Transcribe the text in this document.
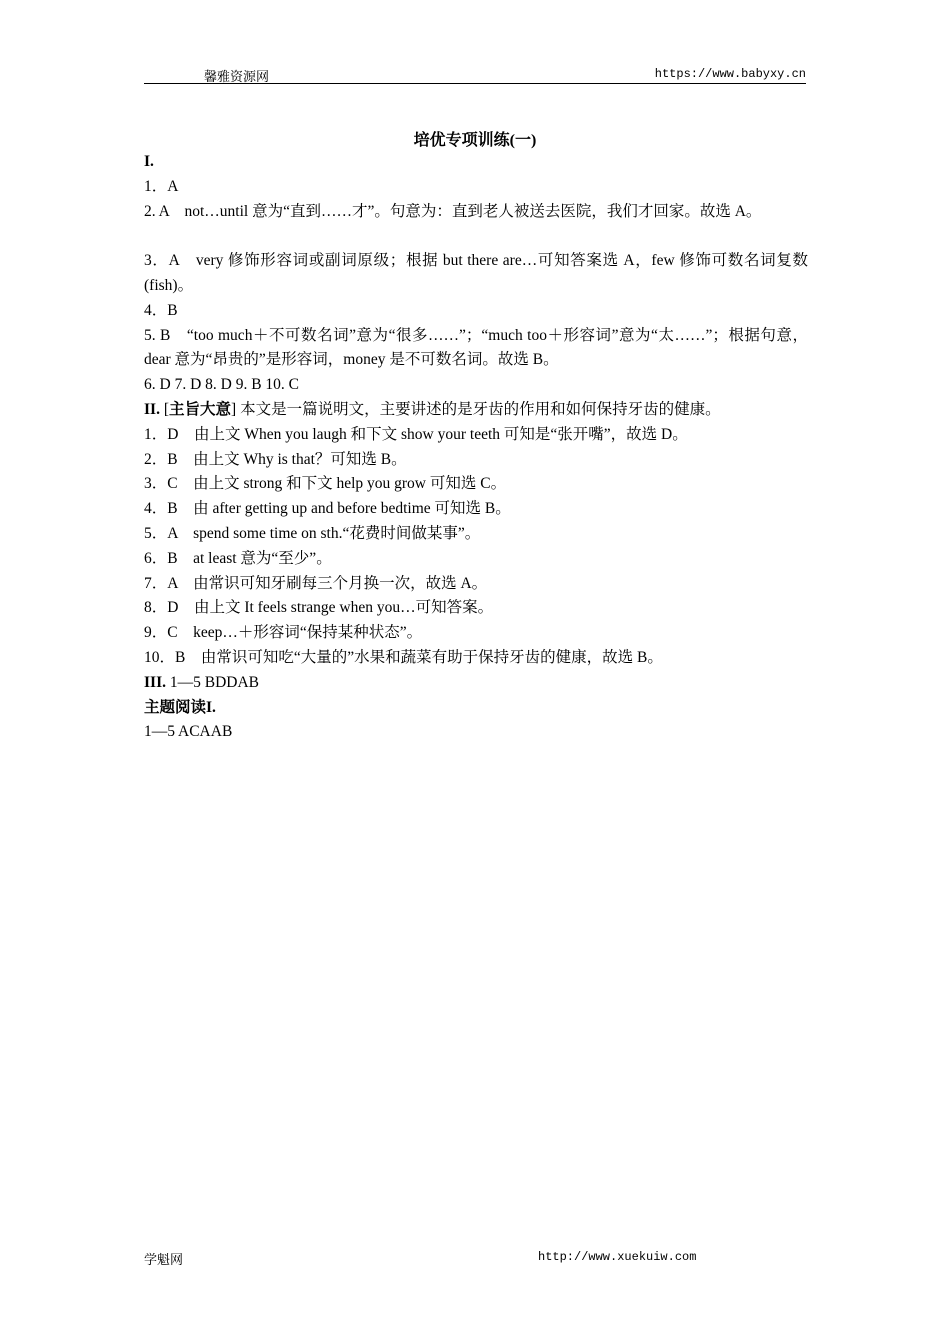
馨雅资源网	https://www.babyxy.cn
培优专项训练(一)
I.
1．A
2. A　not…until 意为“直到……才”。句意为：直到老人被送去医院，我们才回家。故选 A。
3．A　very 修饰形容词或副词原级；根据 but there are…可知答案选 A，few 修饰可数名词复数(fish)。
4．B
5. B　“too much＋不可数名词”意为“很多……”；“much too＋形容词”意为“太……”；根据句意，dear 意为“昂贵的”是形容词，money 是不可数名词。故选 B。
6. D 7. D 8. D 9. B 10. C
II. [主旨大意] 本文是一篇说明文，主要讲述的是牙齿的作用和如何保持牙齿的健康。
1．D　由上文 When you laugh 和下文 show your teeth 可知是“张开嘴”，故选 D。
2．B　由上文 Why is that？可知选 B。
3．C　由上文 strong 和下文 help you grow 可知选 C。
4．B　由 after getting up and before bedtime 可知选 B。
5．A　spend some time on sth.“花费时间做某事”。
6．B　at least 意为“至少”。
7．A　由常识可知牙刷每三个月换一次，故选 A。
8．D　由上文 It feels strange when you…可知答案。
9．C　keep…＋形容词“保持某种状态”。
10．B　由常识可知吃“大量的”水果和蔬菜有助于保持牙齿的健康，故选 B。
III. 1—5 BDDAB
主题阅读I.
1—5 ACAAB
学魁网	http://www.xuekuiw.com
